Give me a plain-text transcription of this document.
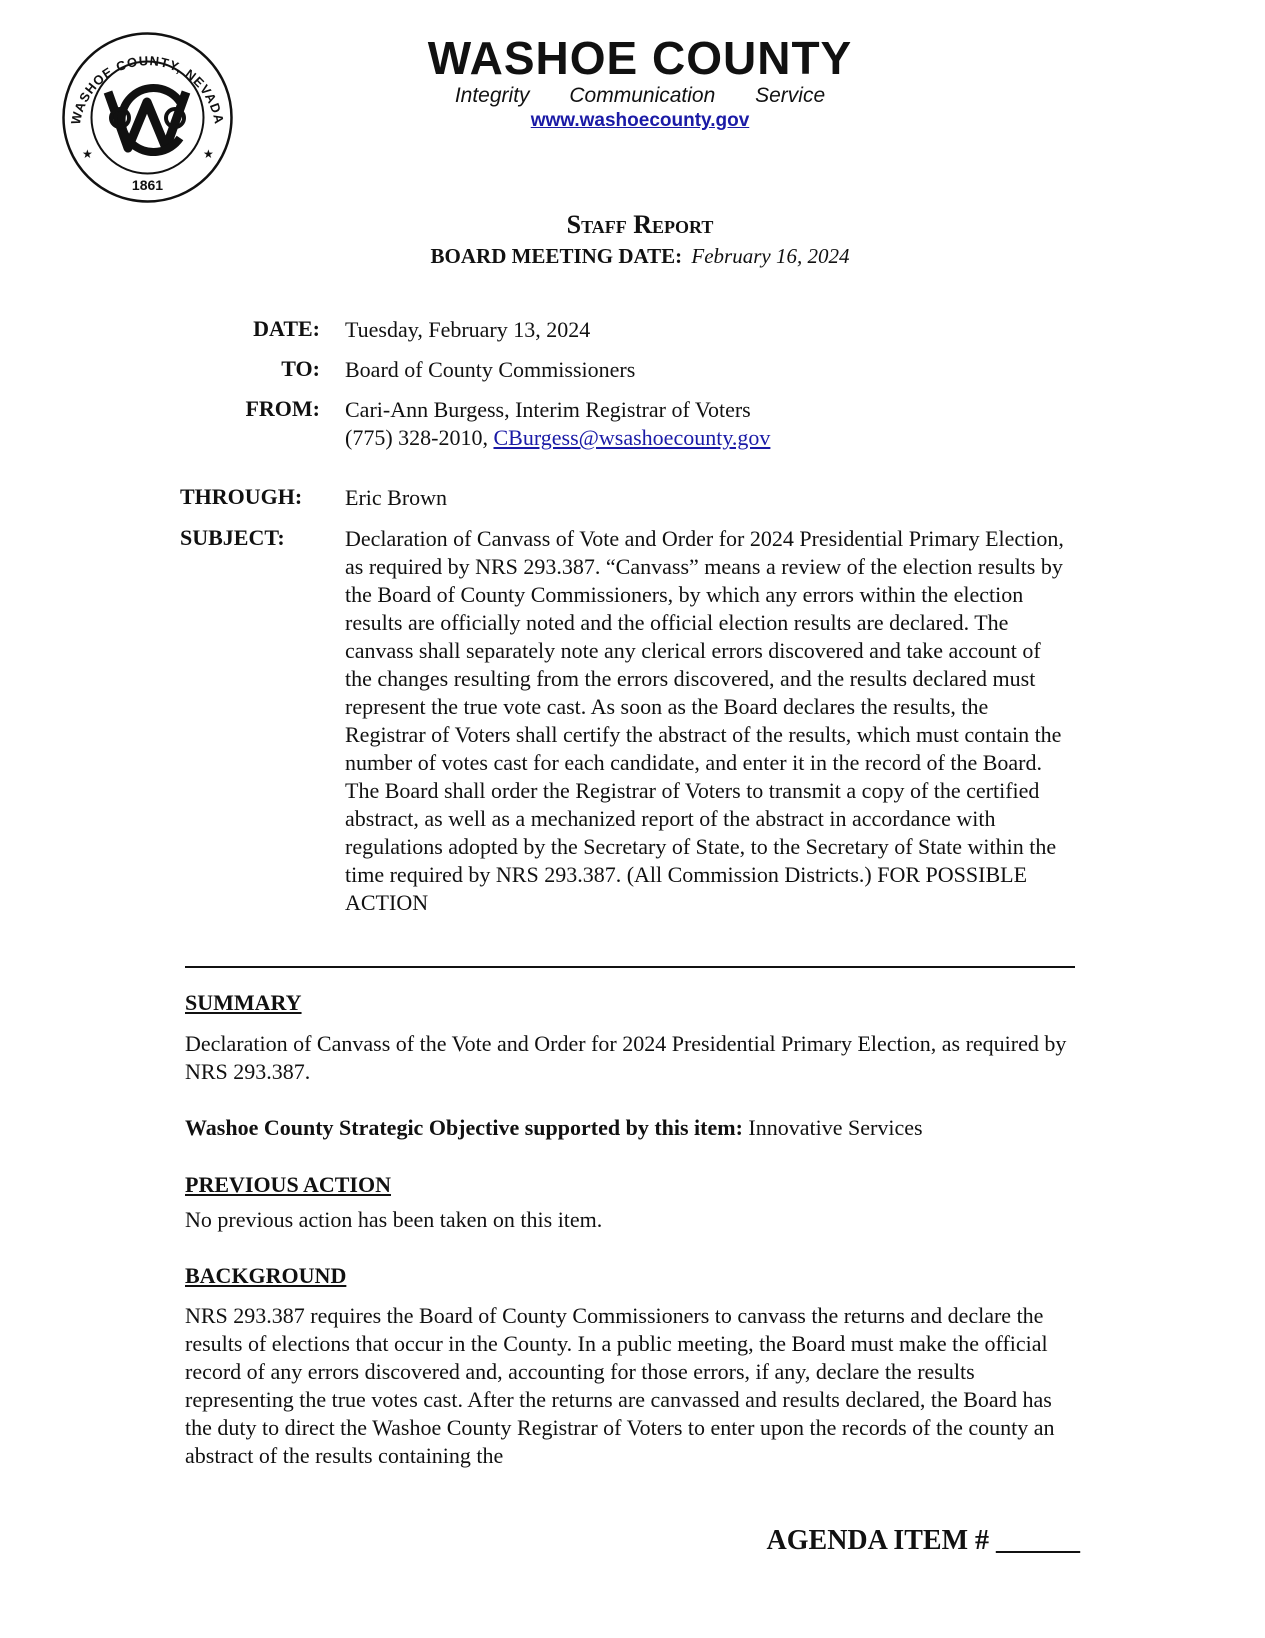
WASHOE COUNTY, NEVADA
1861
★	★
WASHOE COUNTY
Integrity Communication Service
www.washoecounty.gov
Staff Report
BOARD MEETING DATE: February 16, 2024
DATE: Tuesday, February 13, 2024
TO: Board of County Commissioners
FROM: Cari-Ann Burgess, Interim Registrar of Voters
(775) 328-2010, CBurgess@wsashoecounty.gov
THROUGH:	Eric Brown
SUBJECT:	Declaration of Canvass of Vote and Order for 2024 Presidential Primary Election, as required by NRS 293.387. “Canvass” means a review of the election results by the Board of County Commissioners, by which any errors within the election results are officially noted and the official election results are declared. The canvass shall separately note any clerical errors discovered and take account of the changes resulting from the errors discovered, and the results declared must represent the true vote cast. As soon as the Board declares the results, the Registrar of Voters shall certify the abstract of the results, which must contain the number of votes cast for each candidate, and enter it in the record of the Board. The Board shall order the Registrar of Voters to transmit a copy of the certified abstract, as well as a mechanized report of the abstract in accordance with regulations adopted by the Secretary of State, to the Secretary of State within the time required by NRS 293.387. (All Commission Districts.) FOR POSSIBLE ACTION
SUMMARY
Declaration of Canvass of the Vote and Order for 2024 Presidential Primary Election, as required by NRS 293.387.
Washoe County Strategic Objective supported by this item: Innovative Services
PREVIOUS ACTION
No previous action has been taken on this item.
BACKGROUND
NRS 293.387 requires the Board of County Commissioners to canvass the returns and declare the results of elections that occur in the County. In a public meeting, the Board must make the official record of any errors discovered and, accounting for those errors, if any, declare the results representing the true votes cast. After the returns are canvassed and results declared, the Board has the duty to direct the Washoe County Registrar of Voters to enter upon the records of the county an abstract of the results containing the
AGENDA ITEM # ______
